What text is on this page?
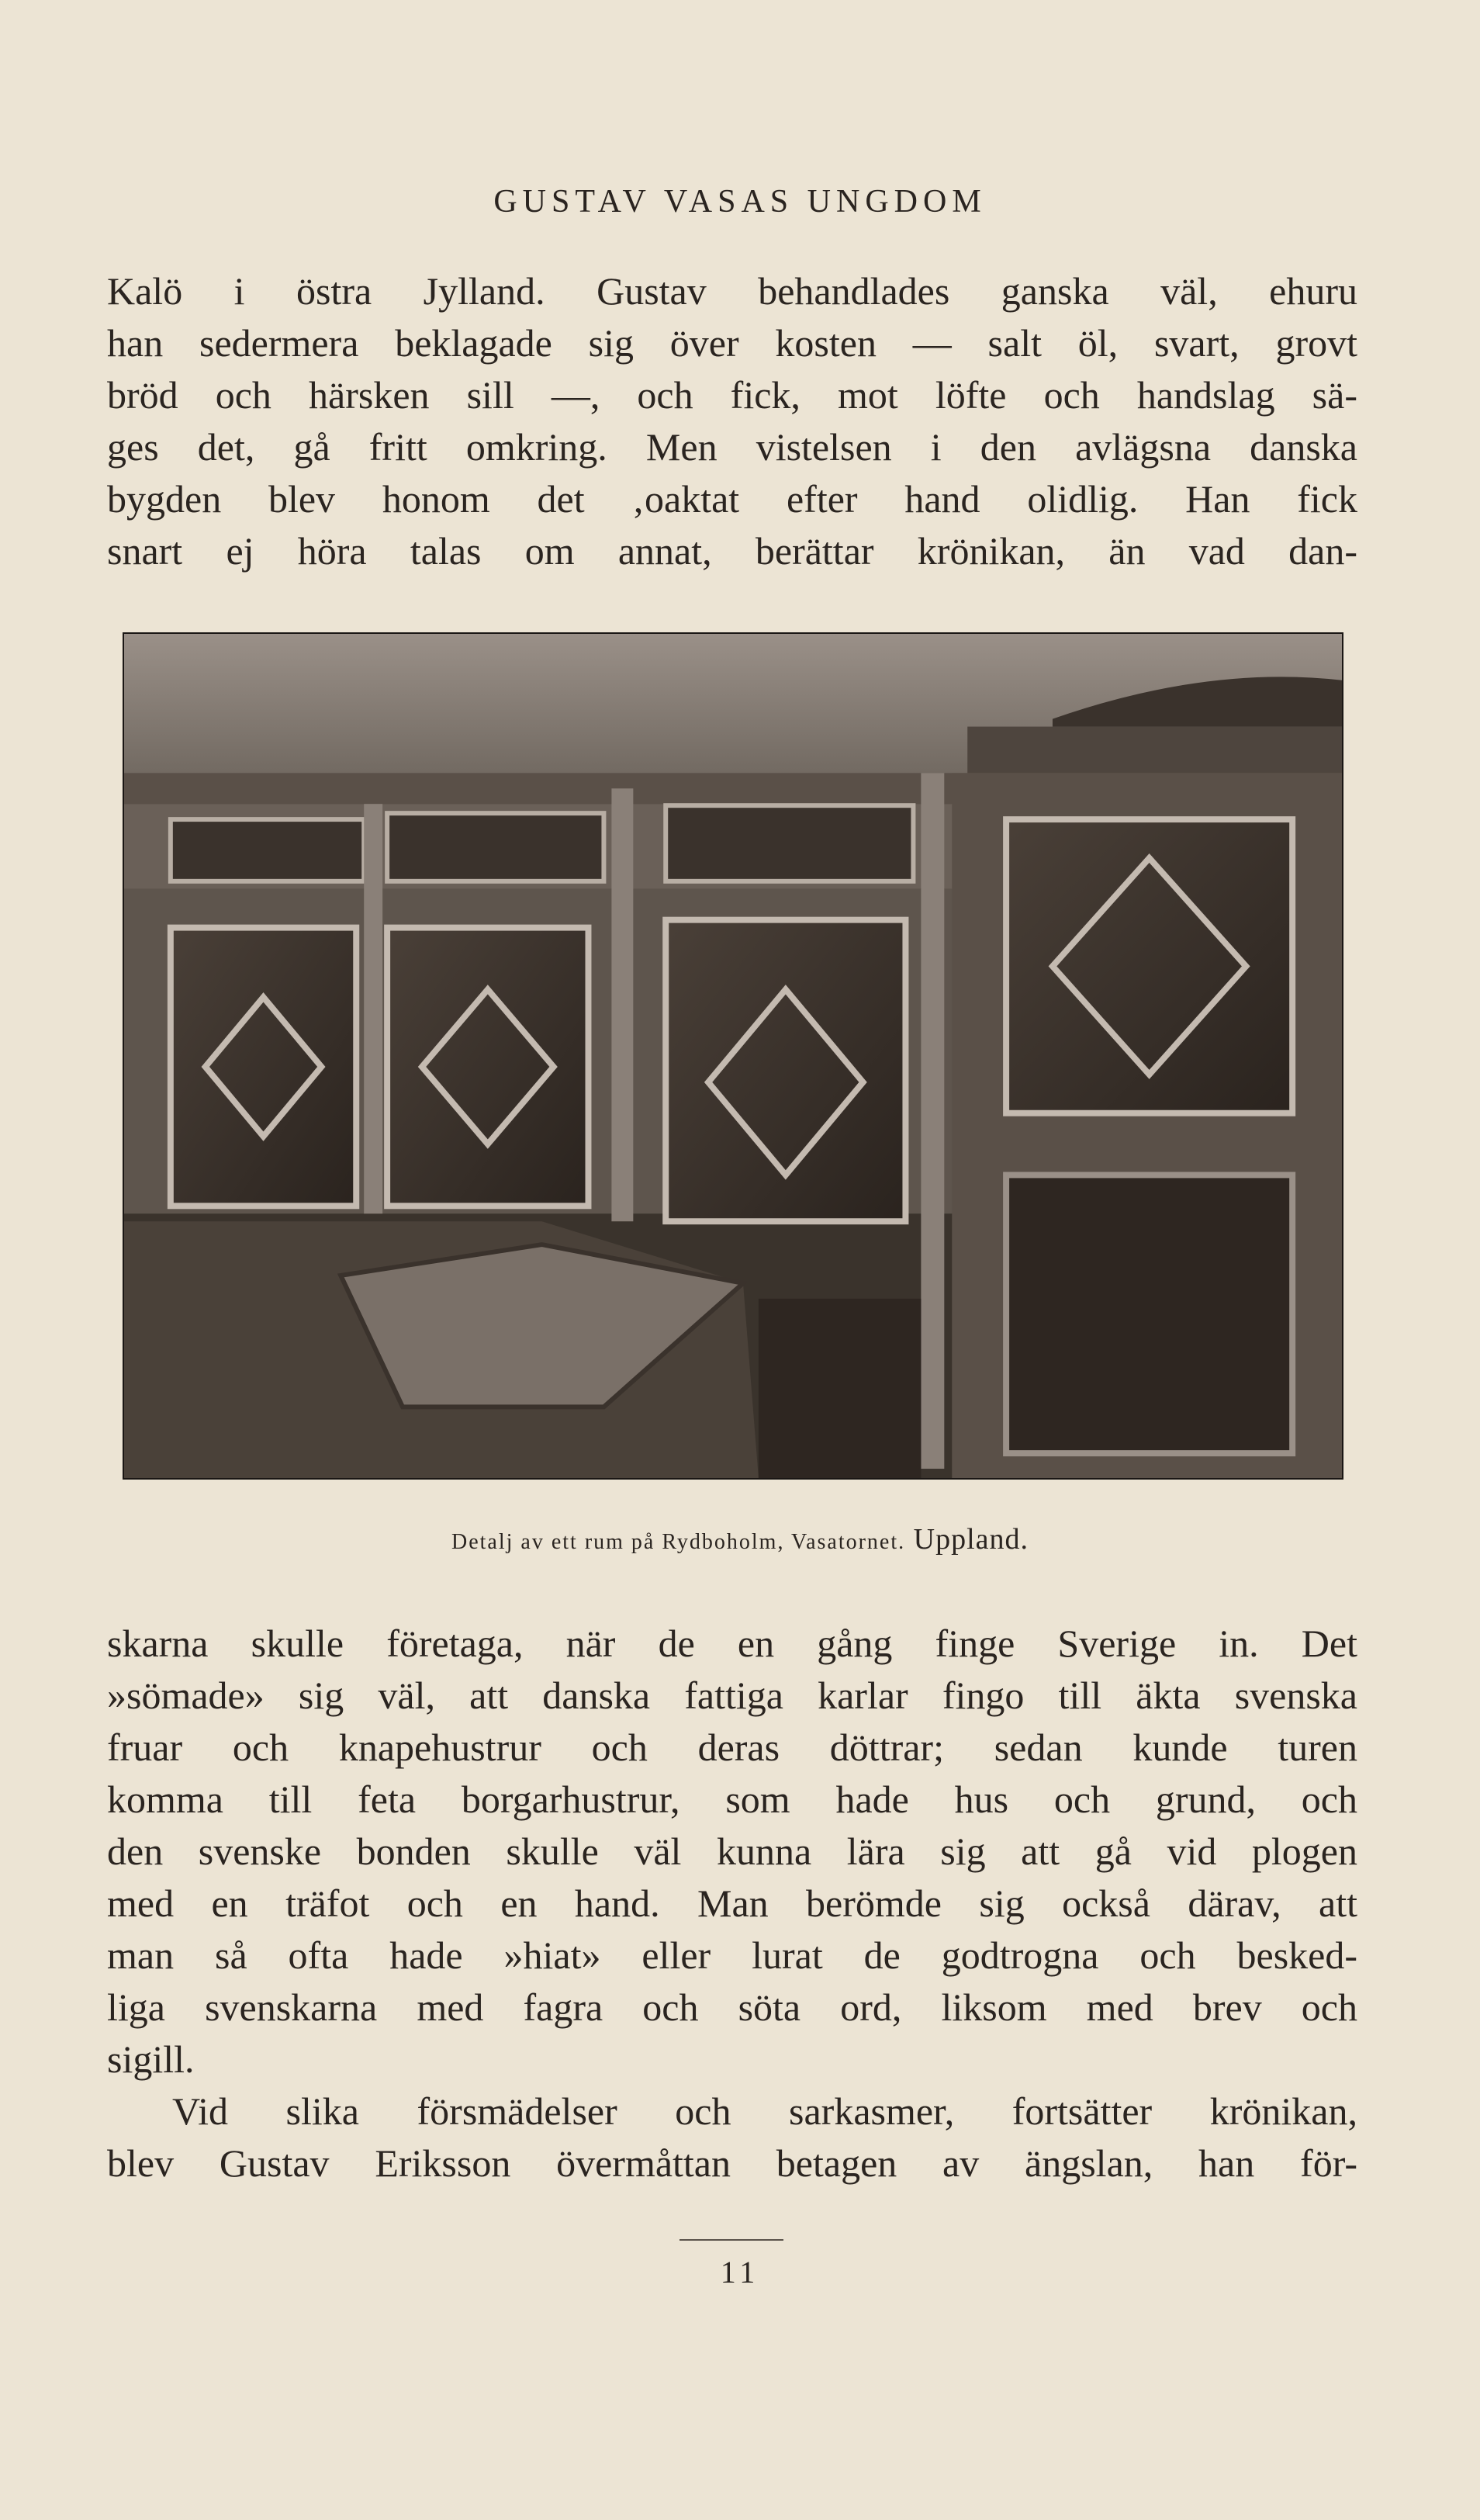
GUSTAV VASAS UNGDOM
Kalö i östra Jylland. Gustav behandlades ganska väl, ehuru
han sedermera beklagade sig över kosten — salt öl, svart, grovt
bröd och härsken sill —, och fick, mot löfte och handslag sä-
ges det, gå fritt omkring. Men vistelsen i den avlägsna danska
bygden blev honom det ‚oaktat efter hand olidlig. Han fick
snart ej höra talas om annat, berättar krönikan, än vad dan-
Detalj av ett rum på Rydboholm, Vasatornet. Uppland.
skarna skulle företaga, när de en gång finge Sverige in. Det
»sömade» sig väl, att danska fattiga karlar fingo till äkta svenska
fruar och knapehustrur och deras döttrar; sedan kunde turen
komma till feta borgarhustrur, som hade hus och grund, och
den svenske bonden skulle väl kunna lära sig att gå vid plogen
med en träfot och en hand. Man berömde sig också därav, att
man så ofta hade »hiat» eller lurat de godtrogna och besked-
liga svenskarna med fagra och söta ord, liksom med brev och
sigill.
Vid slika försmädelser och sarkasmer, fortsätter krönikan,
blev Gustav Eriksson övermåttan betagen av ängslan, han för-
11
